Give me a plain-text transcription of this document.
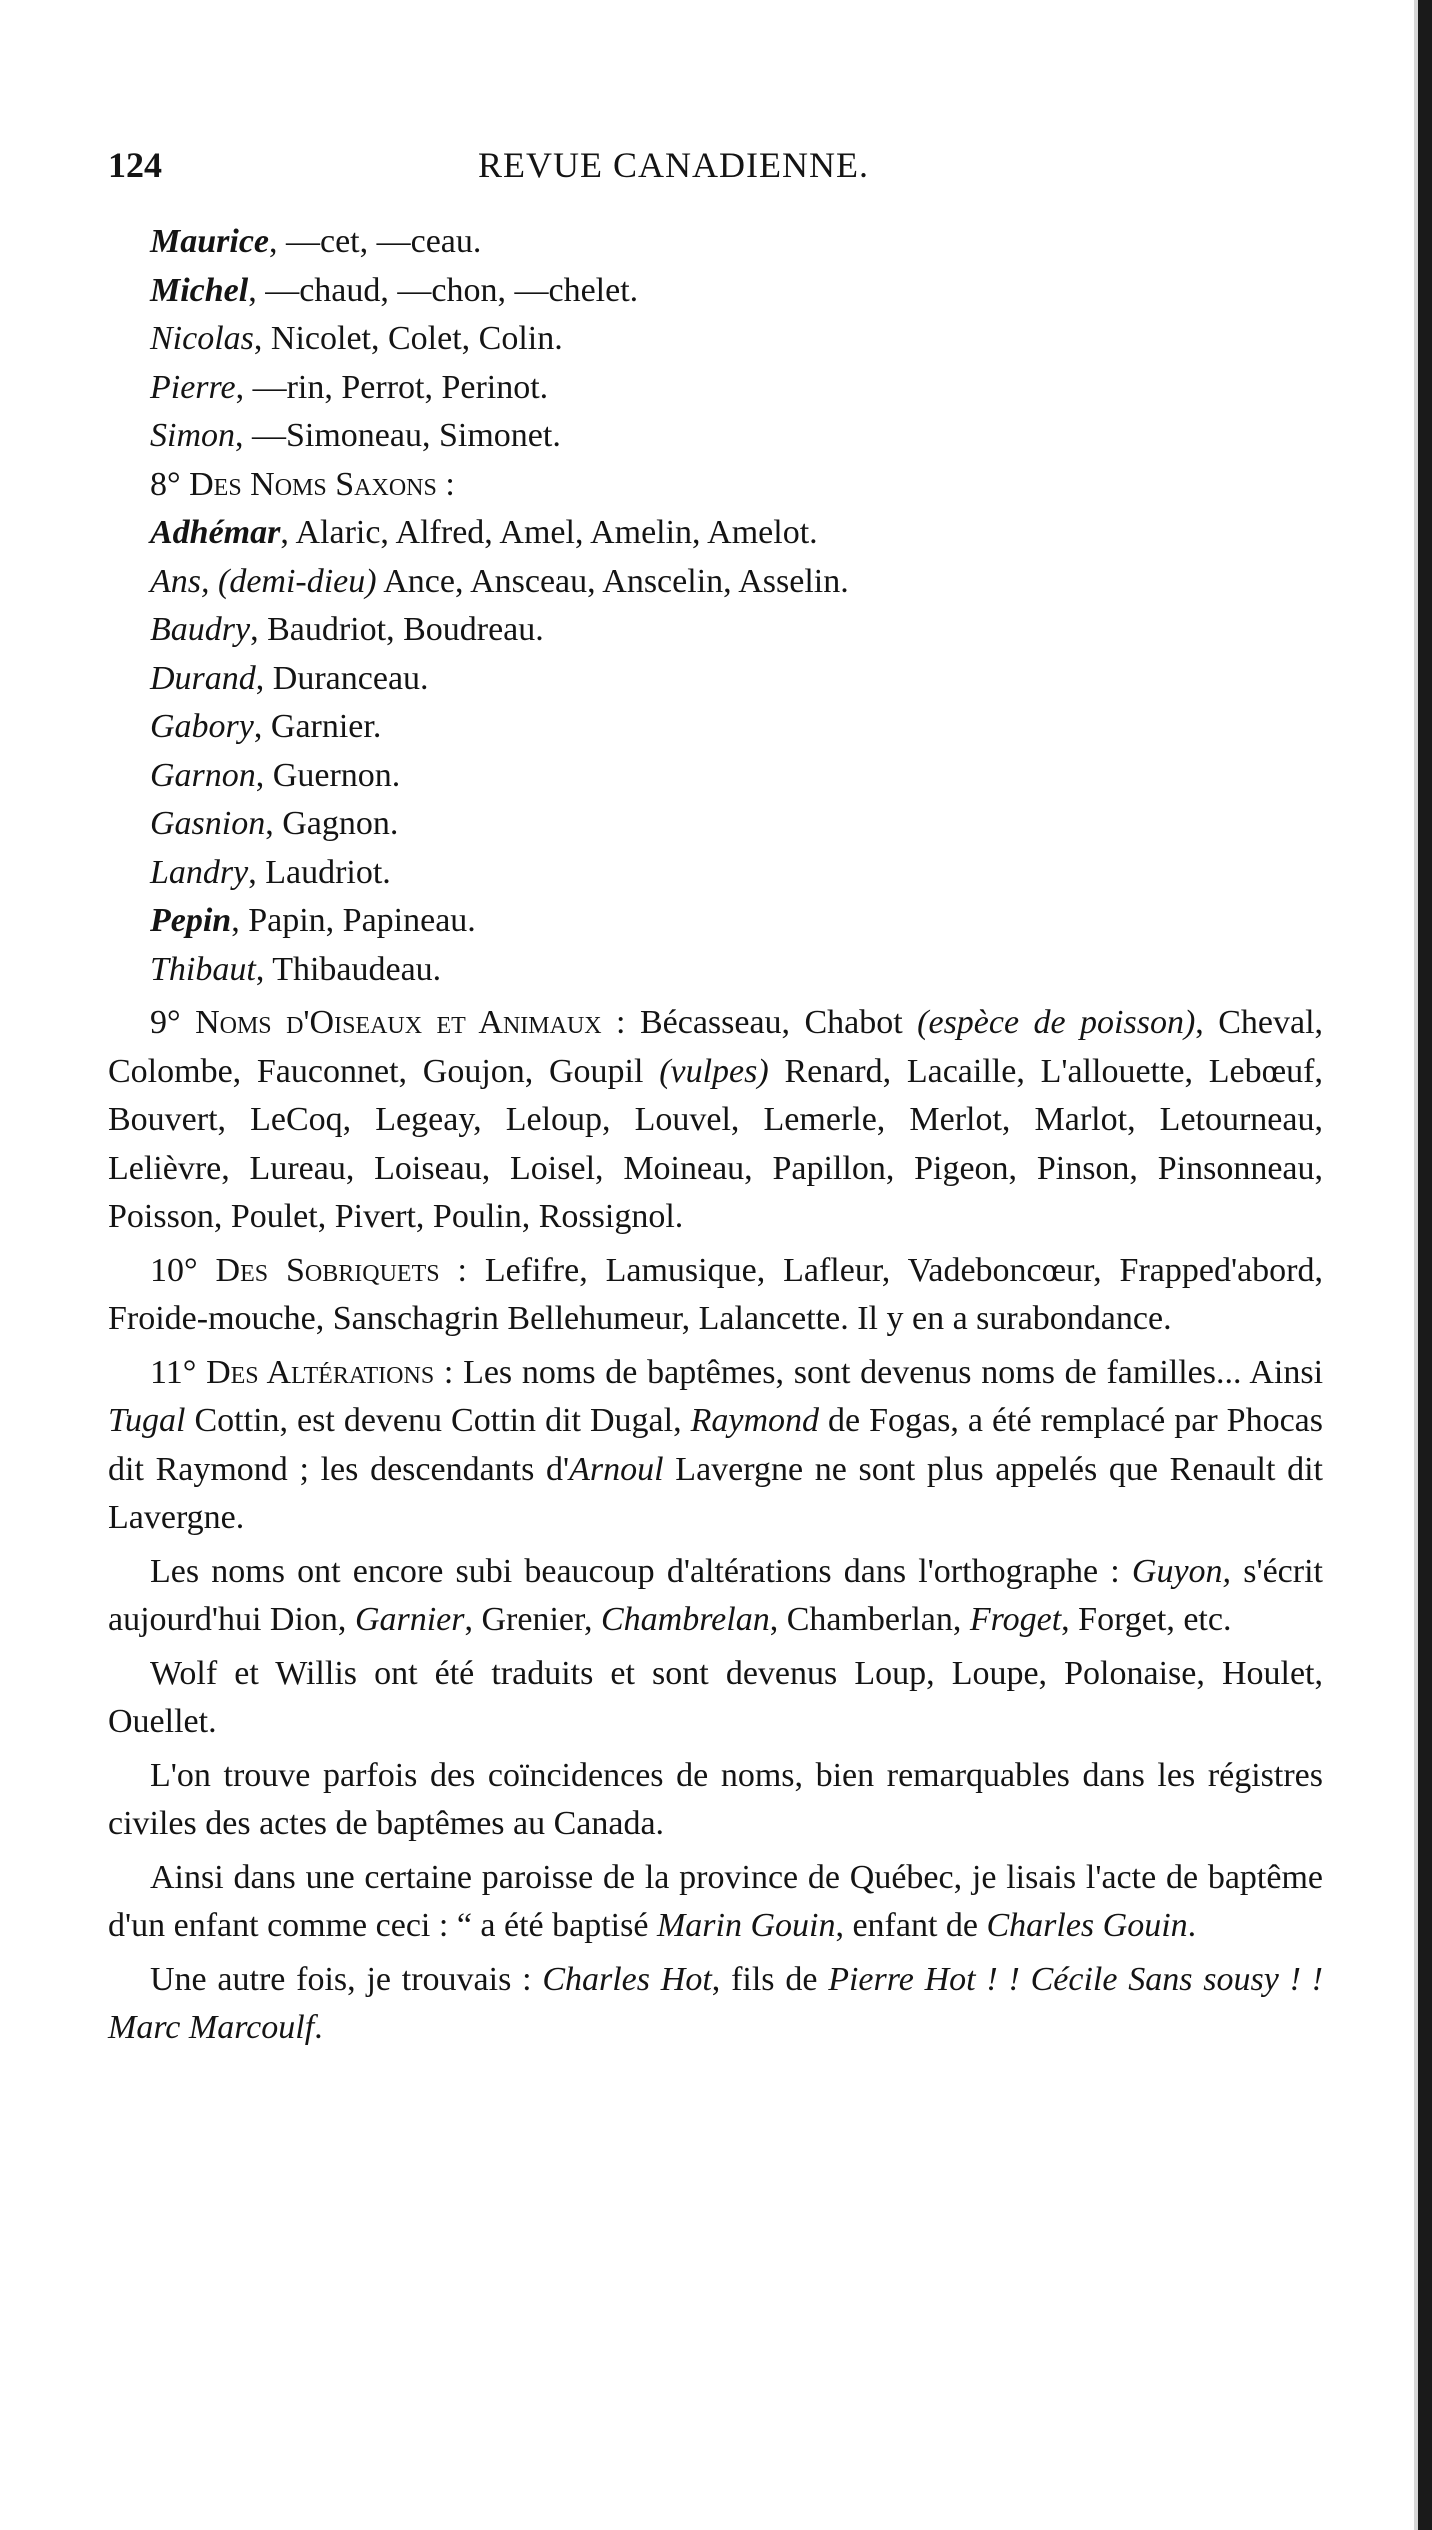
124	REVUE CANADIENNE.
Maurice, —cet, —ceau.
Michel, —chaud, —chon, —chelet.
Nicolas, Nicolet, Colet, Colin.
Pierre, —rin, Perrot, Perinot.
Simon, —Simoneau, Simonet.
8° Des Noms Saxons :
Adhémar, Alaric, Alfred, Amel, Amelin, Amelot.
Ans, (demi-dieu) Ance, Ansceau, Anscelin, Asselin.
Baudry, Baudriot, Boudreau.
Durand, Duranceau.
Gabory, Garnier.
Garnon, Guernon.
Gasnion, Gagnon.
Landry, Laudriot.
Pepin, Papin, Papineau.
Thibaut, Thibaudeau.

9° Noms d'Oiseaux et Animaux : Bécasseau, Chabot (espèce de poisson), Cheval, Colombe, Fauconnet, Goujon, Goupil (vulpes) Renard, Lacaille, L'allouette, Lebœuf, Bouvert, LeCoq, Legeay, Leloup, Louvel, Lemerle, Merlot, Marlot, Letourneau, Lelièvre, Lureau, Loiseau, Loisel, Moineau, Papillon, Pigeon, Pinson, Pinsonneau, Poisson, Poulet, Pivert, Poulin, Rossignol.

10° Des Sobriquets : Lefifre, Lamusique, Lafleur, Vadeboncœur, Frapped'abord, Froide-mouche, Sanschagrin Bellehumeur, Lalancette. Il y en a surabondance.

11° Des Altérations : Les noms de baptêmes, sont devenus noms de familles... Ainsi Tugal Cottin, est devenu Cottin dit Dugal, Raymond de Fogas, a été remplacé par Phocas dit Raymond ; les descendants d'Arnoul Lavergne ne sont plus appelés que Renault dit Lavergne.

Les noms ont encore subi beaucoup d'altérations dans l'orthographe : Guyon, s'écrit aujourd'hui Dion, Garnier, Grenier, Chambrelan, Chamberlan, Froget, Forget, etc.

Wolf et Willis ont été traduits et sont devenus Loup, Loupe, Polonaise, Houlet, Ouellet.

L'on trouve parfois des coïncidences de noms, bien remarquables dans les régistres civiles des actes de baptêmes au Canada.

Ainsi dans une certaine paroisse de la province de Québec, je lisais l'acte de baptême d'un enfant comme ceci : “ a été baptisé Marin Gouin, enfant de Charles Gouin.

Une autre fois, je trouvais : Charles Hot, fils de Pierre Hot ! ! Cécile Sans sousy ! ! Marc Marcoulf.
